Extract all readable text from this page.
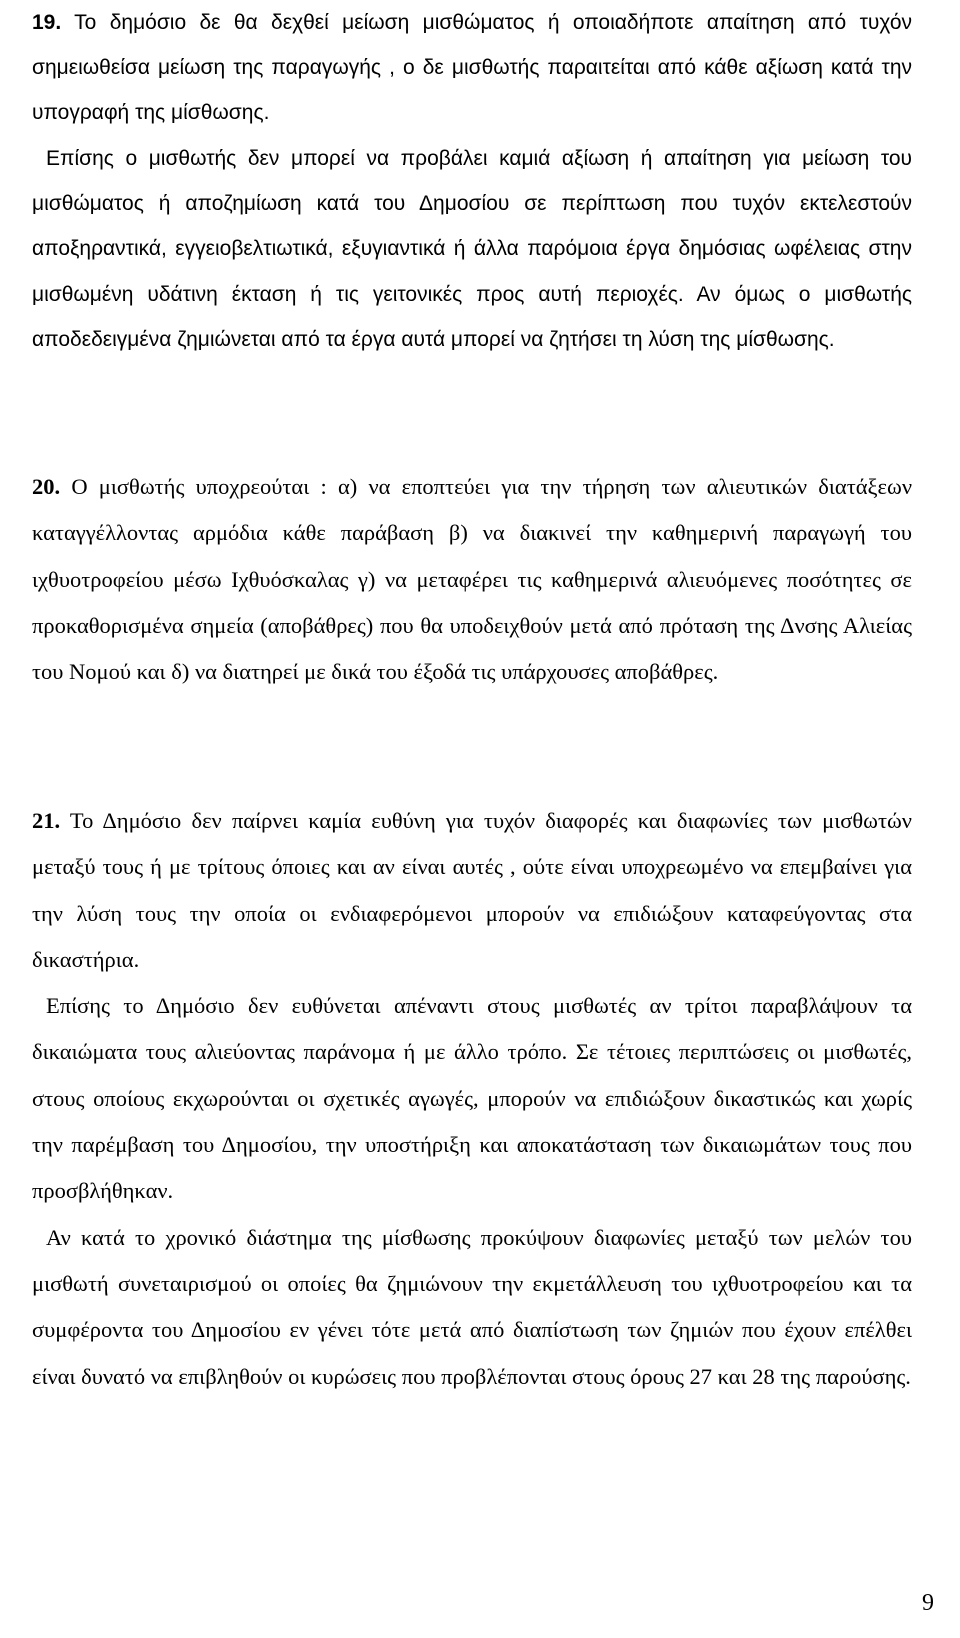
19. Το δημόσιο δε θα δεχθεί μείωση μισθώματος ή οποιαδήποτε απαίτηση από τυχόν σημειωθείσα μείωση της παραγωγής , ο δε μισθωτής παραιτείται από κάθε αξίωση κατά την υπογραφή της μίσθωσης.

Επίσης ο μισθωτής δεν μπορεί να προβάλει καμιά αξίωση ή απαίτηση για μείωση του μισθώματος ή αποζημίωση κατά του Δημοσίου σε περίπτωση που τυχόν εκτελεστούν αποξηραντικά, εγγειοβελτιωτικά, εξυγιαντικά ή άλλα παρόμοια έργα δημόσιας ωφέλειας στην μισθωμένη υδάτινη έκταση ή τις γειτονικές προς αυτή περιοχές. Αν όμως ο μισθωτής αποδεδειγμένα ζημιώνεται από τα έργα αυτά μπορεί να ζητήσει τη λύση της μίσθωσης.

20. Ο μισθωτής υποχρεούται : α) να εποπτεύει για την τήρηση των αλιευτικών διατάξεων καταγγέλλοντας αρμόδια κάθε παράβαση β) να διακινεί την καθημερινή παραγωγή του ιχθυοτροφείου μέσω Ιχθυόσκαλας γ) να μεταφέρει τις καθημερινά αλιευόμενες ποσότητες σε προκαθορισμένα σημεία (αποβάθρες) που θα υποδειχθούν μετά από πρόταση της Δνσης Αλιείας του Νομού και δ) να διατηρεί με δικά του έξοδά τις υπάρχουσες αποβάθρες.

21. Το Δημόσιο δεν παίρνει καμία ευθύνη για τυχόν διαφορές και διαφωνίες των μισθωτών μεταξύ τους ή με τρίτους όποιες και αν είναι αυτές , ούτε είναι υποχρεωμένο να επεμβαίνει για την λύση τους την οποία οι ενδιαφερόμενοι μπορούν να επιδιώξουν καταφεύγοντας στα δικαστήρια.

Επίσης το Δημόσιο δεν ευθύνεται απέναντι στους μισθωτές αν τρίτοι παραβλάψουν τα δικαιώματα τους αλιεύοντας παράνομα ή με άλλο τρόπο. Σε τέτοιες περιπτώσεις οι μισθωτές, στους οποίους εκχωρούνται οι σχετικές αγωγές, μπορούν να επιδιώξουν δικαστικώς και χωρίς την παρέμβαση του Δημοσίου, την υποστήριξη και αποκατάσταση των δικαιωμάτων τους που προσβλήθηκαν.

Αν κατά το χρονικό διάστημα της μίσθωσης προκύψουν διαφωνίες μεταξύ των μελών του μισθωτή συνεταιρισμού οι οποίες θα ζημιώνουν την εκμετάλλευση του ιχθυοτροφείου και τα συμφέροντα του Δημοσίου εν γένει τότε μετά από διαπίστωση των ζημιών που έχουν επέλθει είναι δυνατό να επιβληθούν οι κυρώσεις που προβλέπονται στους όρους 27 και 28 της παρούσης.

9
